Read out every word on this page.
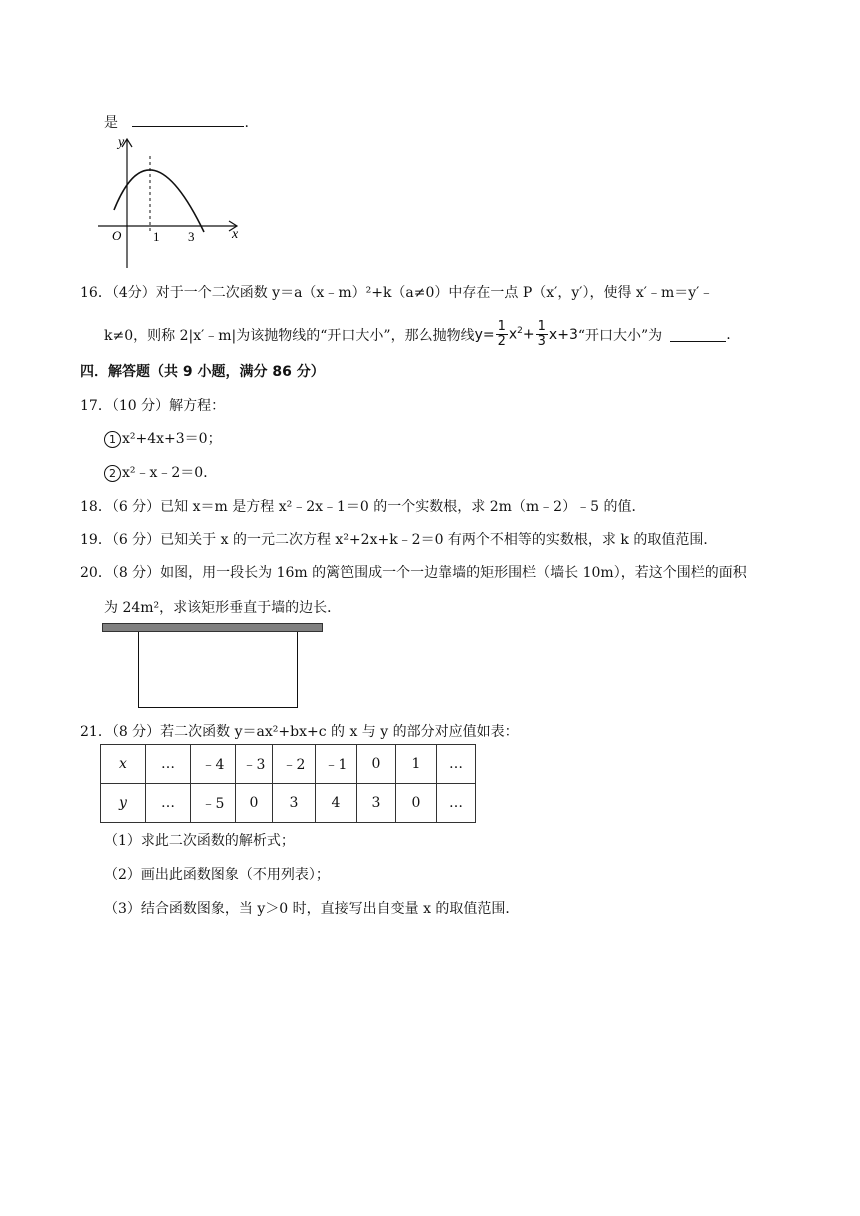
是	.
y
x
O 1 3
16．（4分）对于一个二次函数 y＝a（x﹣m）²+k（a≠0）中存在一点 P（x′，y′），使得 x′﹣m＝y′﹣
k≠0，则称 2|x′﹣m|为该抛物线的“开口大小”，那么抛物线 $y= \frac{1}{2} x^2+ \frac{1}{3} x+3$ “开口大小”为	.
四．解答题（共 9 小题，满分 86 分）
17．（10 分）解方程：
1 x²+4x+3＝0；
2 x²﹣x﹣2＝0．
18．（6 分）已知 x＝m 是方程 x²﹣2x﹣1＝0 的一个实数根，求 2m（m﹣2）﹣5 的值．
19．（6 分）已知关于 x 的一元二次方程 x²+2x+k﹣2＝0 有两个不相等的实数根，求 k 的取值范围．
20．（8 分）如图，用一段长为 16m 的篱笆围成一个一边靠墙的矩形围栏（墙长 10m），若这个围栏的面积
为 24m²，求该矩形垂直于墙的边长．
21．（8 分）若二次函数 y＝ax²+bx+c 的 x 与 y 的部分对应值如表：
x	…	﹣4	﹣3	﹣2	﹣1	0	1	…
y	…	﹣5	0	3	4	3	0	…
（1）求此二次函数的解析式；
（2）画出此函数图象（不用列表）；
（3）结合函数图象，当 y＞0 时，直接写出自变量 x 的取值范围．
